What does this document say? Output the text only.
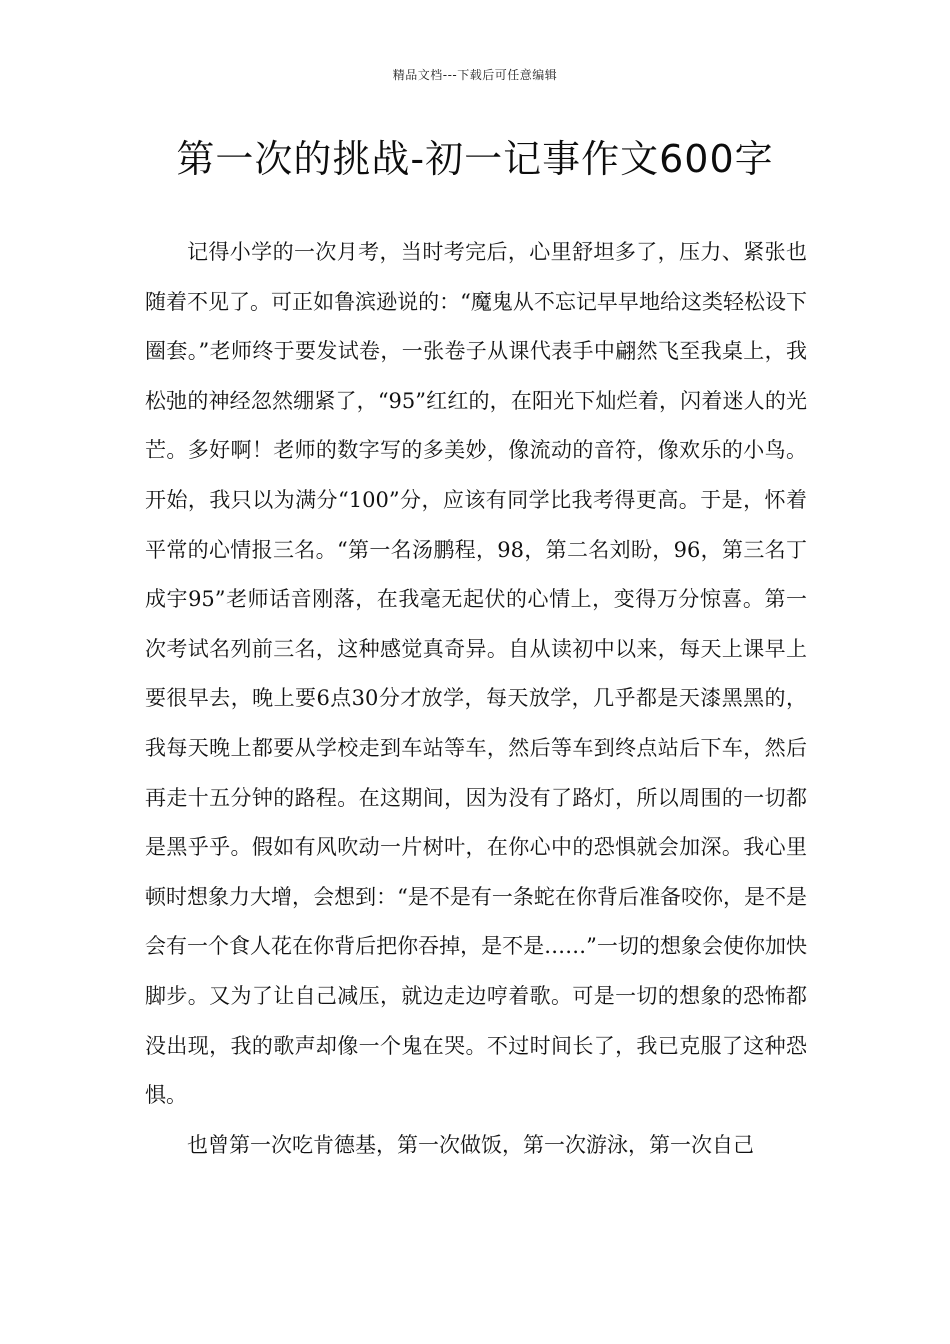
精品文档---下载后可任意编辑
第一次的挑战-初一记事作文600字

记得小学的一次月考，当时考完后，心里舒坦多了，压力、紧张也随着不见了。可正如鲁滨逊说的：“魔鬼从不忘记早早地给这类轻松设下圈套。”老师终于要发试卷，一张卷子从课代表手中翩然飞至我桌上，我松弛的神经忽然绷紧了，“95”红红的，在阳光下灿烂着，闪着迷人的光芒。多好啊！老师的数字写的多美妙，像流动的音符，像欢乐的小鸟。开始，我只以为满分“100”分，应该有同学比我考得更高。于是，怀着平常的心情报三名。“第一名汤鹏程，98，第二名刘盼，96，第三名丁成宇95”老师话音刚落，在我毫无起伏的心情上，变得万分惊喜。第一次考试名列前三名，这种感觉真奇异。自从读初中以来，每天上课早上要很早去，晚上要6点30分才放学，每天放学，几乎都是天漆黑黑的，我每天晚上都要从学校走到车站等车，然后等车到终点站后下车，然后再走十五分钟的路程。在这期间，因为没有了路灯，所以周围的一切都是黑乎乎。假如有风吹动一片树叶，在你心中的恐惧就会加深。我心里顿时想象力大增，会想到：“是不是有一条蛇在你背后准备咬你，是不是会有一个食人花在你背后把你吞掉，是不是……”一切的想象会使你加快脚步。又为了让自己减压，就边走边哼着歌。可是一切的想象的恐怖都没出现，我的歌声却像一个鬼在哭。不过时间长了，我已克服了这种恐惧。

也曾第一次吃肯德基，第一次做饭，第一次游泳，第一次自己
